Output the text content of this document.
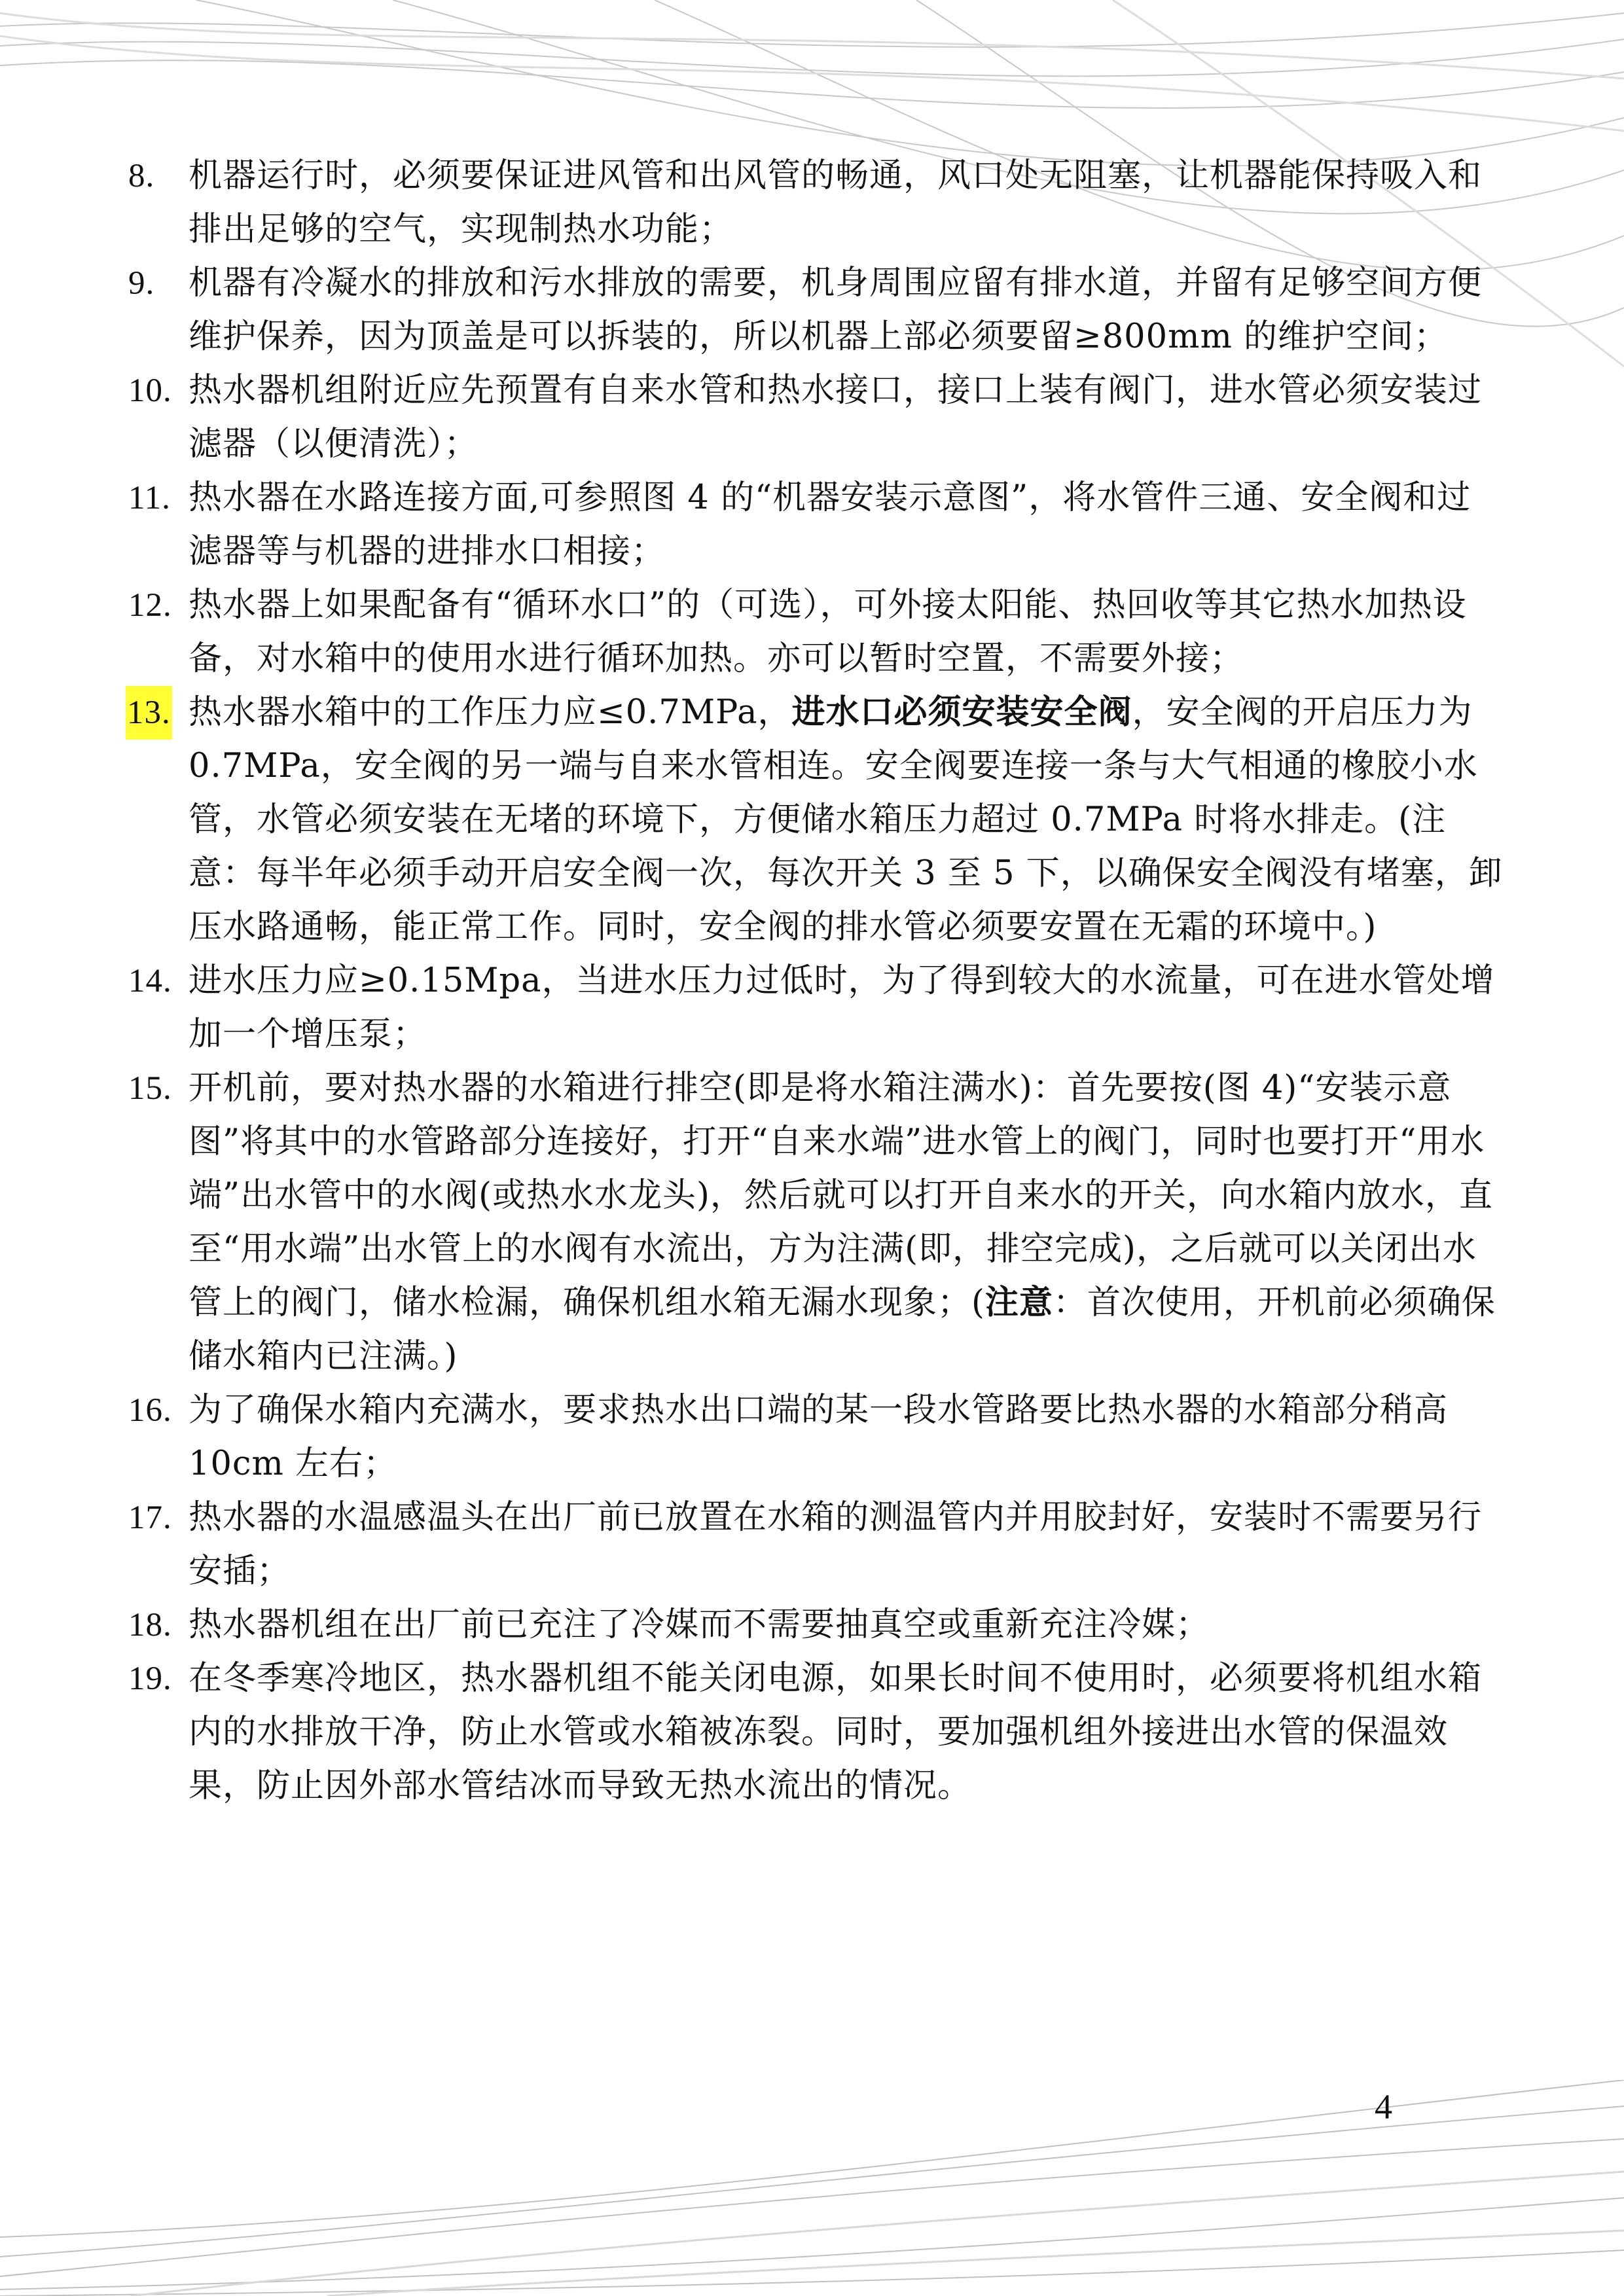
8. 机器运行时，必须要保证进风管和出风管的畅通，风口处无阻塞，让机器能保持吸入和排出足够的空气，实现制热水功能；
9. 机器有冷凝水的排放和污水排放的需要，机身周围应留有排水道，并留有足够空间方便维护保养，因为顶盖是可以拆装的，所以机器上部必须要留≥800mm 的维护空间；
10. 热水器机组附近应先预置有自来水管和热水接口，接口上装有阀门，进水管必须安装过滤器（以便清洗）；
11. 热水器在水路连接方面,可参照图 4 的“机器安装示意图”，将水管件三通、安全阀和过滤器等与机器的进排水口相接；
12. 热水器上如果配备有“循环水口”的（可选），可外接太阳能、热回收等其它热水加热设备，对水箱中的使用水进行循环加热。亦可以暂时空置，不需要外接；
13. 热水器水箱中的工作压力应≤0.7MPa，进水口必须安装安全阀，安全阀的开启压力为 0.7MPa，安全阀的另一端与自来水管相连。安全阀要连接一条与大气相通的橡胶小水管，水管必须安装在无堵的环境下，方便储水箱压力超过 0.7MPa 时将水排走。(注意：每半年必须手动开启安全阀一次，每次开关 3 至 5 下，以确保安全阀没有堵塞，卸压水路通畅，能正常工作。同时，安全阀的排水管必须要安置在无霜的环境中。)
14. 进水压力应≥0.15Mpa，当进水压力过低时，为了得到较大的水流量，可在进水管处增加一个增压泵；
15. 开机前，要对热水器的水箱进行排空(即是将水箱注满水)：首先要按(图 4)“安装示意图”将其中的水管路部分连接好，打开“自来水端”进水管上的阀门，同时也要打开“用水端”出水管中的水阀(或热水水龙头)，然后就可以打开自来水的开关，向水箱内放水，直至“用水端”出水管上的水阀有水流出，方为注满(即，排空完成)，之后就可以关闭出水管上的阀门，储水检漏，确保机组水箱无漏水现象；(注意：首次使用，开机前必须确保储水箱内已注满。)
16. 为了确保水箱内充满水，要求热水出口端的某一段水管路要比热水器的水箱部分稍高 10cm 左右；
17. 热水器的水温感温头在出厂前已放置在水箱的测温管内并用胶封好，安装时不需要另行安插；
18. 热水器机组在出厂前已充注了冷媒而不需要抽真空或重新充注冷媒；
19. 在冬季寒冷地区，热水器机组不能关闭电源，如果长时间不使用时，必须要将机组水箱内的水排放干净，防止水管或水箱被冻裂。同时，要加强机组外接进出水管的保温效果，防止因外部水管结冰而导致无热水流出的情况。
4
